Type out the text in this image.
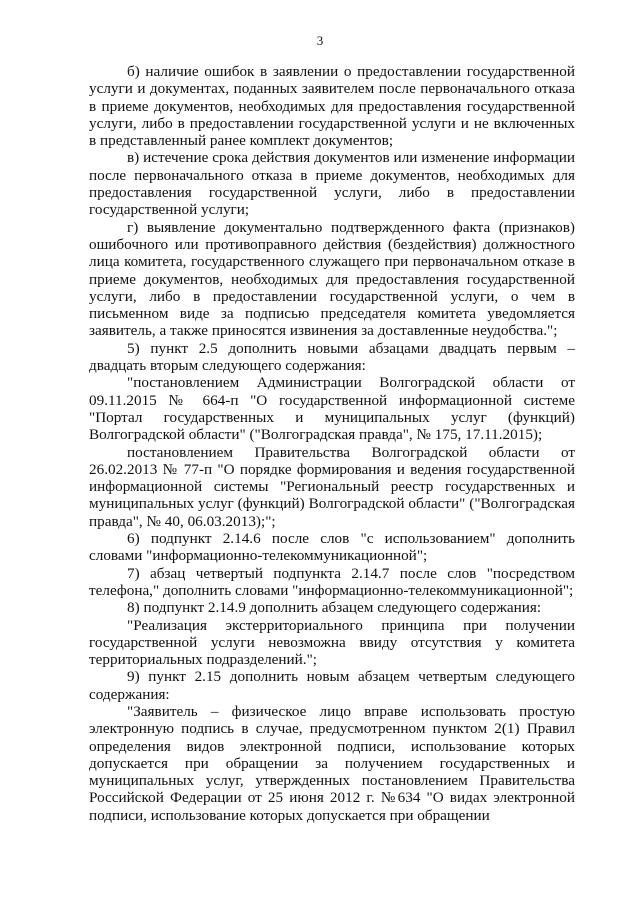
3

б) наличие ошибок в заявлении о предоставлении государственной услуги и документах, поданных заявителем после первоначального отказа в приеме документов, необходимых для предоставления государственной услуги, либо в предоставлении государственной услуги и не включенных в представленный ранее комплект документов;

в) истечение срока действия документов или изменение информации после первоначального отказа в приеме документов, необходимых для предоставления государственной услуги, либо в предоставлении государственной услуги;

г) выявление документально подтвержденного факта (признаков) ошибочного или противоправного действия (бездействия) должностного лица комитета, государственного служащего при первоначальном отказе в приеме документов, необходимых для предоставления государственной услуги, либо в предоставлении государственной услуги, о чем в письменном виде за подписью председателя комитета уведомляется заявитель, а также приносятся извинения за доставленные неудобства.";

5) пункт 2.5 дополнить новыми абзацами двадцать первым – двадцать вторым следующего содержания:

"постановлением Администрации Волгоградской области от 09.11.2015 № 664-п "О государственной информационной системе "Портал государственных и муниципальных услуг (функций) Волгоградской области" ("Волгоградская правда", № 175, 17.11.2015);

постановлением Правительства Волгоградской области от 26.02.2013 № 77-п "О порядке формирования и ведения государственной информационной системы "Региональный реестр государственных и муниципальных услуг (функций) Волгоградской области" ("Волгоградская правда", № 40, 06.03.2013);";

6) подпункт 2.14.6 после слов "с использованием" дополнить словами "информационно-телекоммуникационной";

7) абзац четвертый подпункта 2.14.7 после слов "посредством телефона," дополнить словами "информационно-телекоммуникационной";

8) подпункт 2.14.9 дополнить абзацем следующего содержания:

"Реализация экстерриториального принципа при получении государственной услуги невозможна ввиду отсутствия у комитета территориальных подразделений.";

9) пункт 2.15 дополнить новым абзацем четвертым следующего содержания:

"Заявитель – физическое лицо вправе использовать простую электронную подпись в случае, предусмотренном пунктом 2(1) Правил определения видов электронной подписи, использование которых допускается при обращении за получением государственных и муниципальных услуг, утвержденных постановлением Правительства Российской Федерации от 25 июня 2012 г. №634 "О видах электронной подписи, использование которых допускается при обращении
